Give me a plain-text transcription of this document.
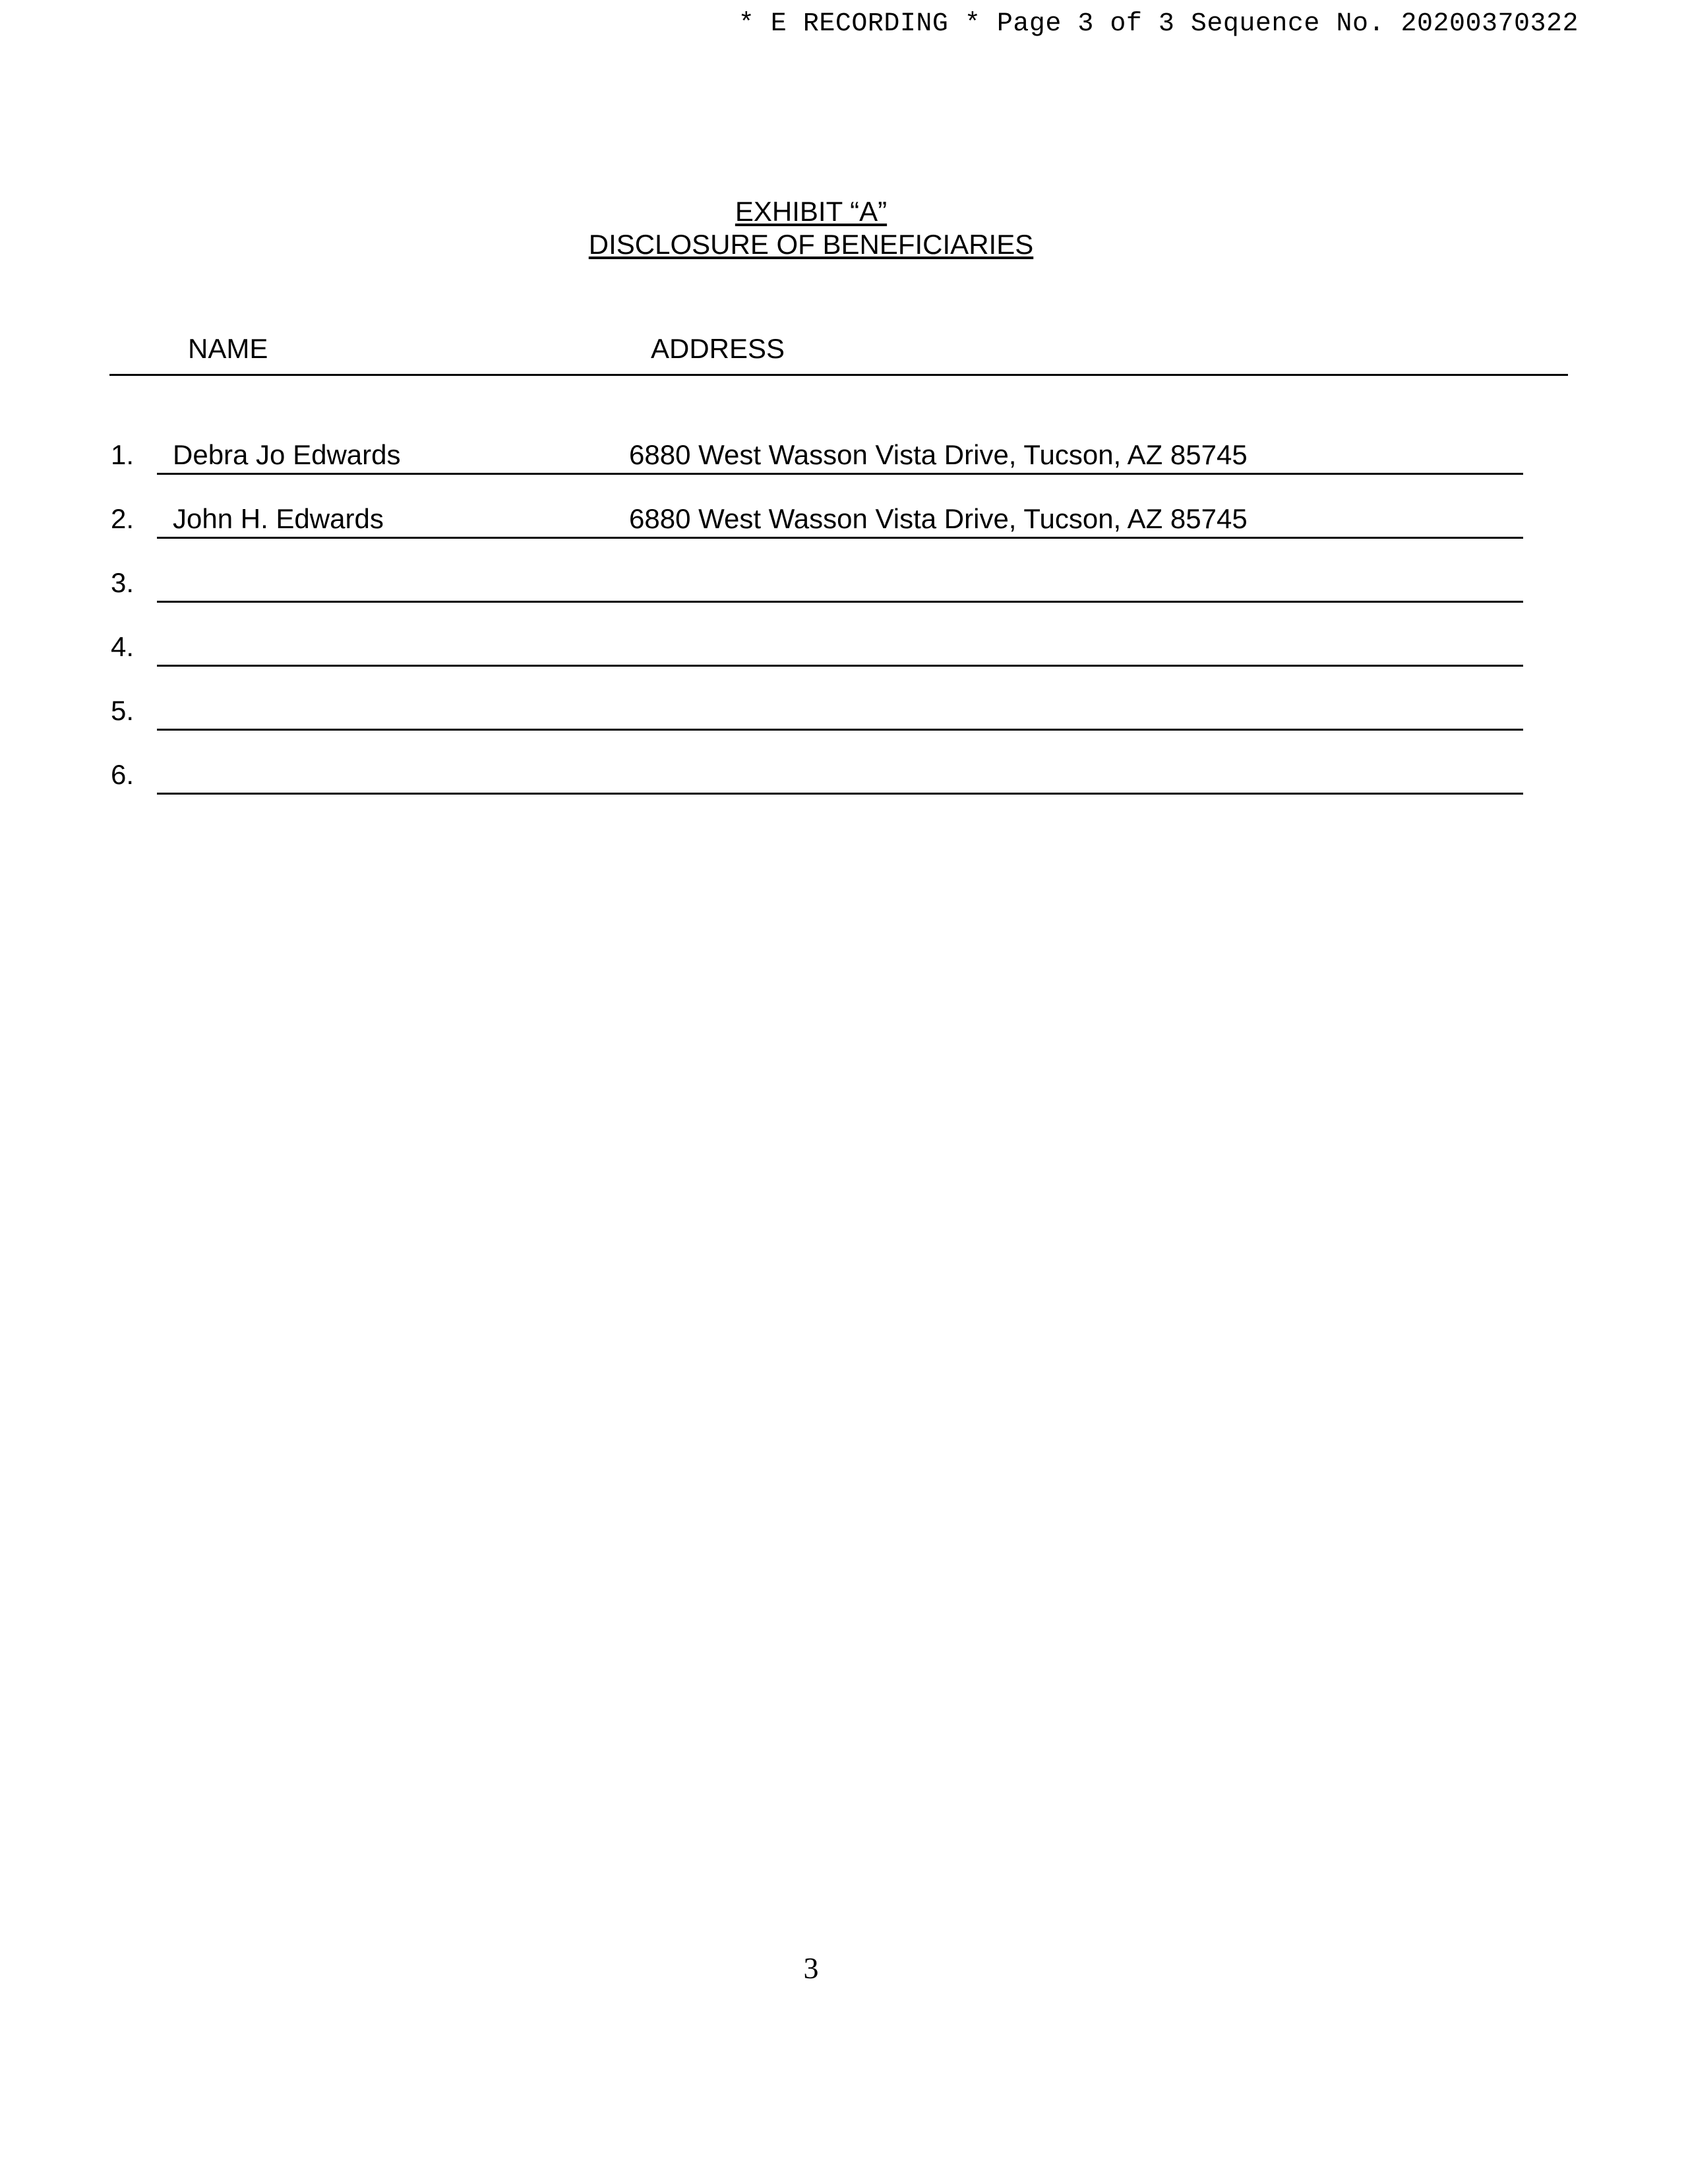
* E RECORDING * Page 3 of 3 Sequence No. 20200370322
EXHIBIT “A”
DISCLOSURE OF BENEFICIARIES
NAME	ADDRESS
1. Debra Jo Edwards	6880 West Wasson Vista Drive, Tucson, AZ 85745
2. John H. Edwards	6880 West Wasson Vista Drive, Tucson, AZ 85745
3.
4.
5.
6.
3
